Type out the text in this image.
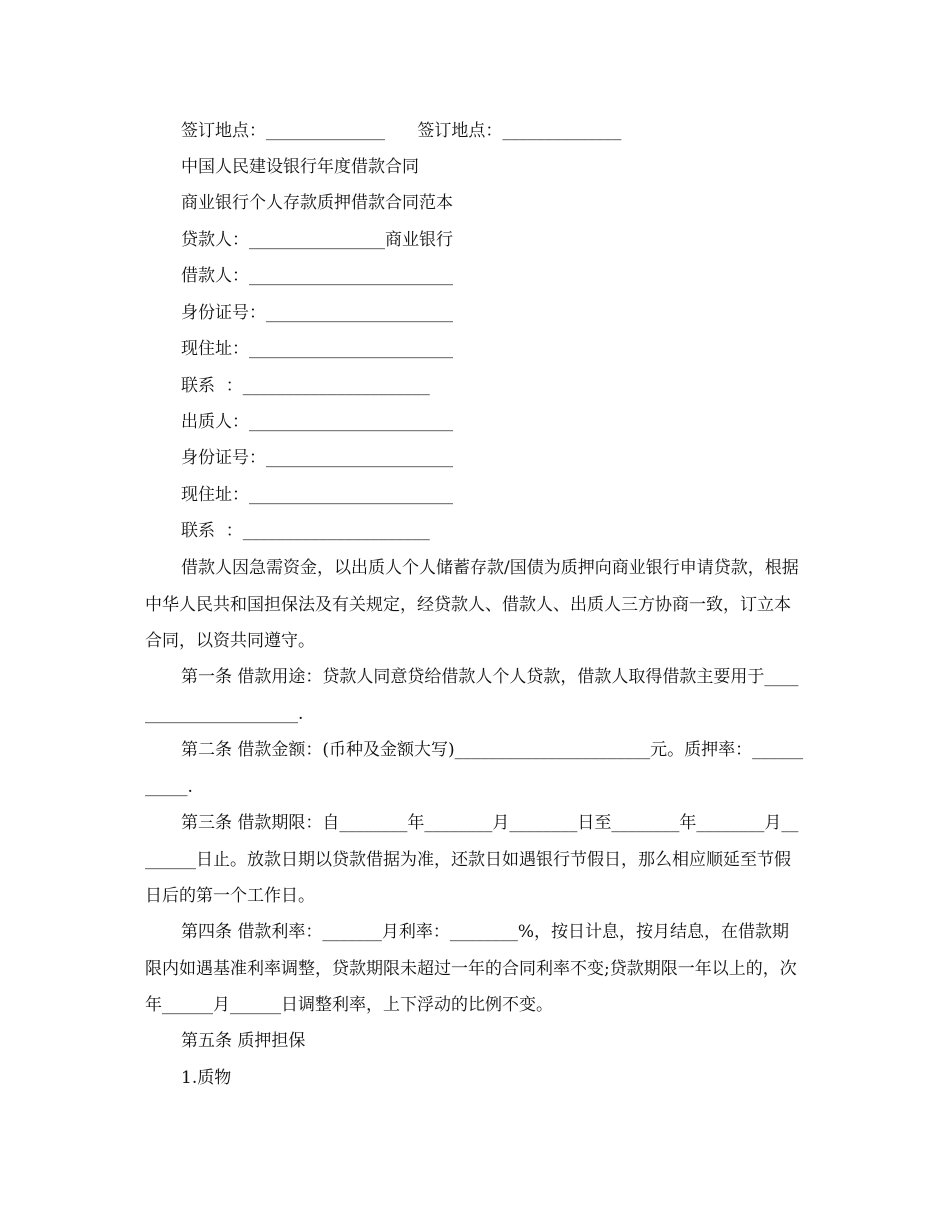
签订地点：______________      签订地点：______________
中国人民建设银行年度借款合同
商业银行个人存款质押借款合同范本
贷款人：________________商业银行
借款人：________________________
身份证号：______________________
现住址：________________________
联系  ：______________________
出质人：________________________
身份证号：______________________
现住址：________________________
联系  ：______________________
借款人因急需资金，以出质人个人储蓄存款/国债为质押向商业银行申请贷款，根据中华人民共和国担保法及有关规定，经贷款人、借款人、出质人三方协商一致，订立本合同，以资共同遵守。
第一条 借款用途：贷款人同意贷给借款人个人贷款，借款人取得借款主要用于______________________.
第二条 借款金额：(币种及金额大写)_______________________元。质押率：___________.
第三条 借款期限：自________年________月________日至________年________月________日止。放款日期以贷款借据为准，还款日如遇银行节假日，那么相应顺延至节假日后的第一个工作日。
第四条 借款利率：_______月利率：________%，按日计息，按月结息，在借款期限内如遇基准利率调整，贷款期限未超过一年的合同利率不变;贷款期限一年以上的，次年______月______日调整利率，上下浮动的比例不变。
第五条 质押担保
1.质物
